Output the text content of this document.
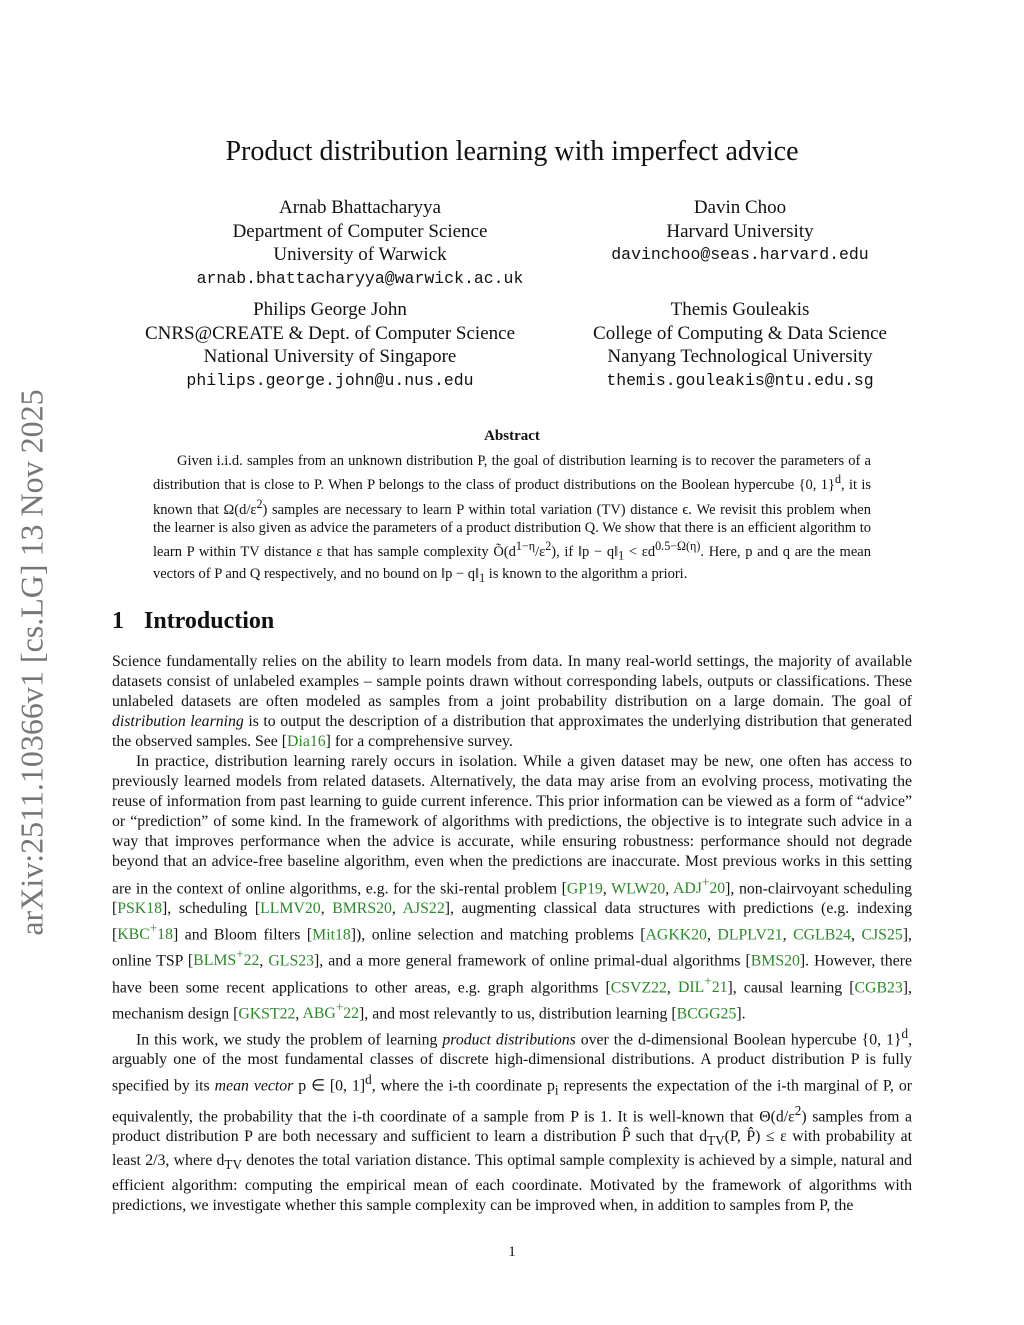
arXiv:2511.10366v1 [cs.LG] 13 Nov 2025
Product distribution learning with imperfect advice
Arnab Bhattacharyya
Department of Computer Science
University of Warwick
arnab.bhattacharyya@warwick.ac.uk
Davin Choo
Harvard University
davinchoo@seas.harvard.edu
Philips George John
CNRS@CREATE & Dept. of Computer Science
National University of Singapore
philips.george.john@u.nus.edu
Themis Gouleakis
College of Computing & Data Science
Nanyang Technological University
themis.gouleakis@ntu.edu.sg
Abstract
Given i.i.d. samples from an unknown distribution P, the goal of distribution learning is to recover the parameters of a distribution that is close to P. When P belongs to the class of product distributions on the Boolean hypercube {0, 1}$^d$, it is known that $\Omega(d/\varepsilon^2)$ samples are necessary to learn P within total variation (TV) distance ϵ. We revisit this problem when the learner is also given as advice the parameters of a product distribution Q. We show that there is an efficient algorithm to learn P within TV distance ε that has sample complexity $Õ(d^{1-\eta}/\varepsilon^2)$, if ‖p − $q‖_1 < \varepsilon d^{0.5-\Omega(\eta)}$. Here, p and q are the mean vectors of P and Q respectively, and no bound on ‖p − $q‖_1$ is known to the algorithm a priori.
1 Introduction

Science fundamentally relies on the ability to learn models from data. In many real-world settings, the majority of available datasets consist of unlabeled examples – sample points drawn without corresponding labels, outputs or classifications. These unlabeled datasets are often modeled as samples from a joint probability distribution on a large domain. The goal of distribution learning is to output the description of a distribution that approximates the underlying distribution that generated the observed samples. See [Dia16] for a comprehensive survey.

In practice, distribution learning rarely occurs in isolation. While a given dataset may be new, one often has access to previously learned models from related datasets. Alternatively, the data may arise from an evolving process, motivating the reuse of information from past learning to guide current inference. This prior information can be viewed as a form of “advice” or “prediction” of some kind. In the framework of algorithms with predictions, the objective is to integrate such advice in a way that improves performance when the advice is accurate, while ensuring robustness: performance should not degrade beyond that an advice-free baseline algorithm, even when the predictions are inaccurate. Most previous works in this setting are in the context of online algorithms, e.g. for the ski-rental problem [GP19, WLW20, ADJ+20], non-clairvoyant scheduling [PSK18], scheduling [LLMV20, BMRS20, AJS22], augmenting classical data structures with predictions (e.g. indexing [KBC+18] and Bloom filters [Mit18]), online selection and matching problems [AGKK20, DLPLV21, CGLB24, CJS25], online TSP [BLMS+22, GLS23], and a more general framework of online primal-dual algorithms [BMS20]. However, there have been some recent applications to other areas, e.g. graph algorithms [CSVZ22, DIL+21], causal learning [CGB23], mechanism design [GKST22, ABG+22], and most relevantly to us, distribution learning [BCGG25].

In this work, we study the problem of learning product distributions over the d-dimensional Boolean hypercube {0, 1}$^d$, arguably one of the most fundamental classes of discrete high-dimensional distributions. A product distribution P is fully specified by its mean vector p ∈ [0, 1]$^d$, where the i-th coordinate $p_i$ represents the expectation of the i-th marginal of P, or equivalently, the probability that the i-th coordinate of a sample from P is 1. It is well-known that $\Theta(d/\varepsilon^2)$ samples from a product distribution P are both necessary and sufficient to learn a distribution P̂ such that $d_{TV}(P$, P̂) ≤ ε with probability at least 2/3, where $d_{TV}$ denotes the total variation distance. This optimal sample complexity is achieved by a simple, natural and efficient algorithm: computing the empirical mean of each coordinate. Motivated by the framework of algorithms with predictions, we investigate whether this sample complexity can be improved when, in addition to samples from P, the

1
